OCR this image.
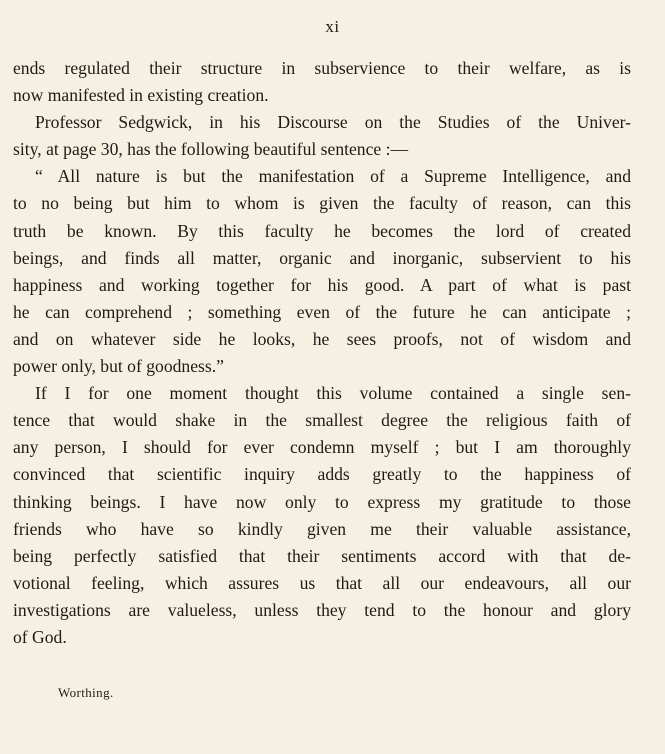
xi
ends regulated their structure in subservience to their welfare, as is
now manifested in existing creation.
Professor Sedgwick, in his Discourse on the Studies of the Univer-
sity, at page 30, has the following beautiful sentence :—
“ All nature is but the manifestation of a Supreme Intelligence, and
to no being but him to whom is given the faculty of reason, can this
truth be known. By this faculty he becomes the lord of created
beings, and finds all matter, organic and inorganic, subservient to his
happiness and working together for his good. A part of what is past
he can comprehend ; something even of the future he can anticipate ;
and on whatever side he looks, he sees proofs, not of wisdom and
power only, but of goodness.”
If I for one moment thought this volume contained a single sen-
tence that would shake in the smallest degree the religious faith of
any person, I should for ever condemn myself ; but I am thoroughly
convinced that scientific inquiry adds greatly to the happiness of
thinking beings. I have now only to express my gratitude to those
friends who have so kindly given me their valuable assistance,
being perfectly satisfied that their sentiments accord with that de-
votional feeling, which assures us that all our endeavours, all our
investigations are valueless, unless they tend to the honour and glory
of God.
Worthing.
